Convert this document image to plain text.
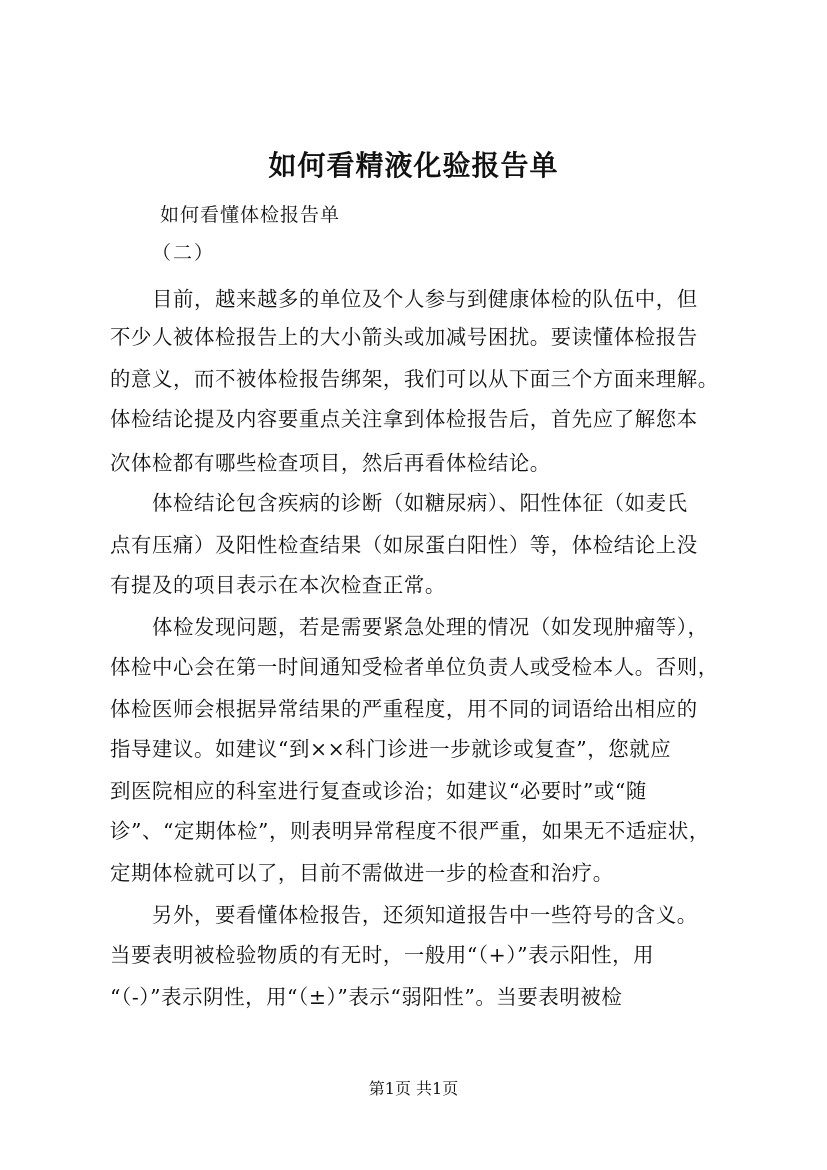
如何看精液化验报告单
如何看懂体检报告单
（二）
目前，越来越多的单位及个人参与到健康体检的队伍中，但
不少人被体检报告上的大小箭头或加减号困扰。要读懂体检报告
的意义，而不被体检报告绑架，我们可以从下面三个方面来理解。
体检结论提及内容要重点关注拿到体检报告后，首先应了解您本
次体检都有哪些检查项目，然后再看体检结论。
体检结论包含疾病的诊断（如糖尿病）、阳性体征（如麦氏
点有压痛）及阳性检查结果（如尿蛋白阳性）等，体检结论上没
有提及的项目表示在本次检查正常。
体检发现问题，若是需要紧急处理的情况（如发现肿瘤等），
体检中心会在第一时间通知受检者单位负责人或受检本人。否则，
体检医师会根据异常结果的严重程度，用不同的词语给出相应的
指导建议。如建议“到××科门诊进一步就诊或复查”，您就应
到医院相应的科室进行复查或诊治；如建议“必要时”或“随
诊”、“定期体检”，则表明异常程度不很严重，如果无不适症状，
定期体检就可以了，目前不需做进一步的检查和治疗。
另外，要看懂体检报告，还须知道报告中一些符号的含义。
当要表明被检验物质的有无时，一般用“（+）”表示阳性，用
“（-）”表示阴性，用“（±）”表示“弱阳性”。当要表明被检
第1页 共1页
